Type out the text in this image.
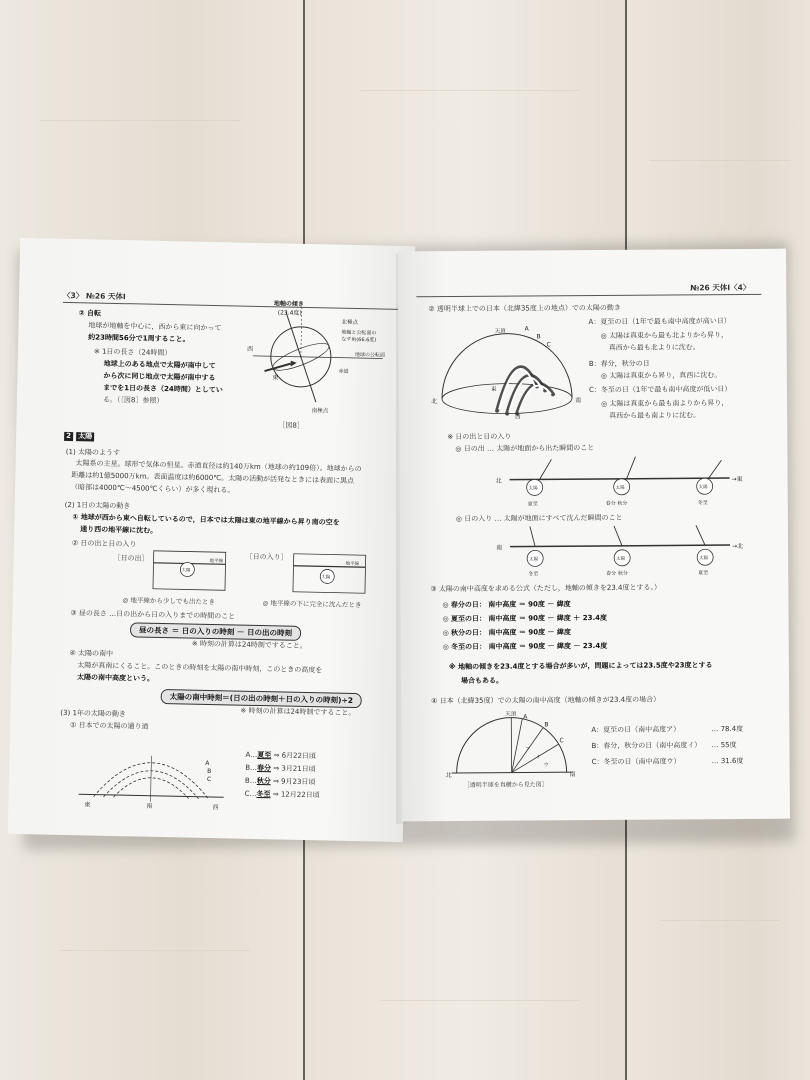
〈3〉 №26 天体Ⅰ
② 自転
地球が地軸を中心に，西から東に向かって
約23時間56分で1周すること。
※ 1日の長さ（24時間）
地球上のある地点で太陽が南中して
から次に同じ地点で太陽が南中する
までを1日の長さ（24時間）としてい
る。（［図8］参照）
地軸の傾き
(23.4度)
北極点
地軸と公転面の
なす角(66.6度)
地球の公転面
赤道
南極点
西
東
［図8］
2 太陽
(1) 太陽のようす
太陽系の主星。球形で気体の恒星。赤道直径は約140万km（地球の約109倍）。地球からの
距離は約1億5000万km。表面温度は約6000℃。太陽の活動が活発なときには表面に黒点
（暗部は4000℃〜4500℃くらい）が多く現れる。
(2) 1日の太陽の動き
① 地球が西から東へ自転しているので，日本では太陽は東の地平線から昇り南の空を
通り西の地平線に沈む。
② 日の出と日の入り
［日の出］	［日の入り］
太陽
地平線
太陽
地平線
◎ 地平線から少しでも出たとき	◎ 地平線の下に完全に沈んだとき
③ 昼の長さ …日の出から日の入りまでの時間のこと
昼の長さ ＝ 日の入りの時刻 － 日の出の時刻
※ 時刻の計算は24時制ですること。
④ 太陽の南中
太陽が真南にくること。このときの時刻を太陽の南中時刻，このときの高度を
太陽の南中高度という。
太陽の南中時刻＝(日の出の時刻＋日の入りの時刻)÷2
※ 時刻の計算は24時制ですること。
(3) 1年の太陽の動き
① 日本での太陽の通り道
A
B
C
東	南	西
A…夏至 ⇒ 6月22日頃
B…春分 ⇒ 3月21日頃
B…秋分 ⇒ 9月23日頃
C…冬至 ⇒ 12月22日頃
№26 天体Ⅰ〈4〉
② 透明半球上での日本（北緯35度上の地点）での太陽の動き
天頂	A
B
C
北	南
東
西
A：夏至の日（1年で最も南中高度が高い日）
◎ 太陽は真東から最も北よりから昇り，
真西から最も北よりに沈む。
B：春分，秋分の日
◎ 太陽は真東から昇り，真西に沈む。
C：冬至の日（1年で最も南中高度が低い日）
◎ 太陽は真東から最も南よりから昇り，
真西から最も南よりに沈む。
※ 日の出と日の入り
◎ 日の出 … 太陽が地面から出た瞬間のこと
北	→東
太陽	太陽	太陽
夏至	春分 秋分	冬至
◎ 日の入り … 太陽が地面にすべて沈んだ瞬間のこと
南	→北
太陽	太陽	太陽
冬至	春分 秋分	夏至
③ 太陽の南中高度を求める公式（ただし，地軸の傾きを23.4度とする。）
◎ 春分の日： 南中高度 ＝ 90度 － 緯度
◎ 夏至の日： 南中高度 ＝ 90度 － 緯度 ＋ 23.4度
◎ 秋分の日： 南中高度 ＝ 90度 － 緯度
◎ 冬至の日： 南中高度 ＝ 90度 － 緯度 － 23.4度
※ 地軸の傾きを23.4度とする場合が多いが，問題によっては23.5度や23度とする
場合もある。
④ 日本（北緯35度）での太陽の南中高度（地軸の傾きが23.4度の場合）
天頂
北	南
A
B
C
ア
イ
ウ
［透明半球を真横から見た図］
A：夏至の日（南中高度ア）	… 78.4度
B：春分，秋分の日（南中高度イ） … 55度
C：冬至の日（南中高度ウ）	… 31.6度
